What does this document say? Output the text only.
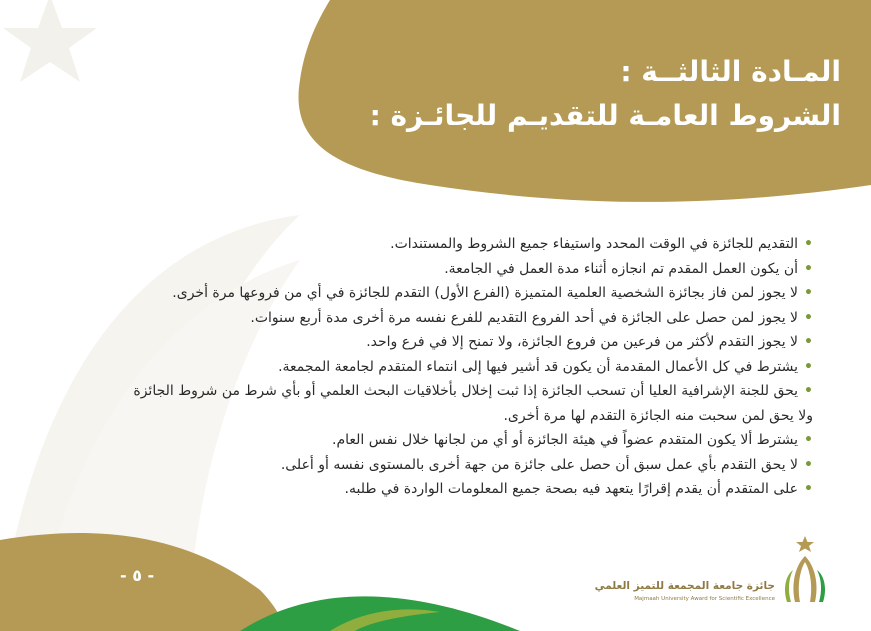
المـادة الثالثــة :
الشروط العامـة للتقديـم للجائـزة :
•التقديم للجائزة في الوقت المحدد واستيفاء جميع الشروط والمستندات.
•أن يكون العمل المقدم تم انجازه أثناء مدة العمل في الجامعة.
•لا يجوز لمن فاز بجائزة الشخصية العلمية المتميزة (الفرع الأول) التقدم للجائزة في أي من فروعها مرة أخرى.
•لا يجوز لمن حصل على الجائزة في أحد الفروع التقديم للفرع نفسه مرة أخرى مدة أربع سنوات.
•لا يجوز التقدم لأكثر من فرعين من فروع الجائزة، ولا تمنح إلا في فرع واحد.
•يشترط في كل الأعمال المقدمة أن يكون قد أشير فيها إلى انتماء المتقدم لجامعة المجمعة.
•يحق للجنة الإشرافية العليا أن تسحب الجائزة إذا ثبت إخلال بأخلاقيات البحث العلمي أو بأي شرط من شروط الجائزة
ولا يحق لمن سحبت منه الجائزة التقدم لها مرة أخرى.
•يشترط ألا يكون المتقدم عضواً في هيئة الجائزة أو أي من لجانها خلال نفس العام.
•لا يحق التقدم بأي عمل سبق أن حصل على جائزة من جهة أخرى بالمستوى نفسه أو أعلى.
•على المتقدم أن يقدم إقرارًا يتعهد فيه بصحة جميع المعلومات الواردة في طلبه.
- ٥ -
جائزة جامعة المجمعة للتميز العلمي
Majmaah University Award for Scientific Excellence
